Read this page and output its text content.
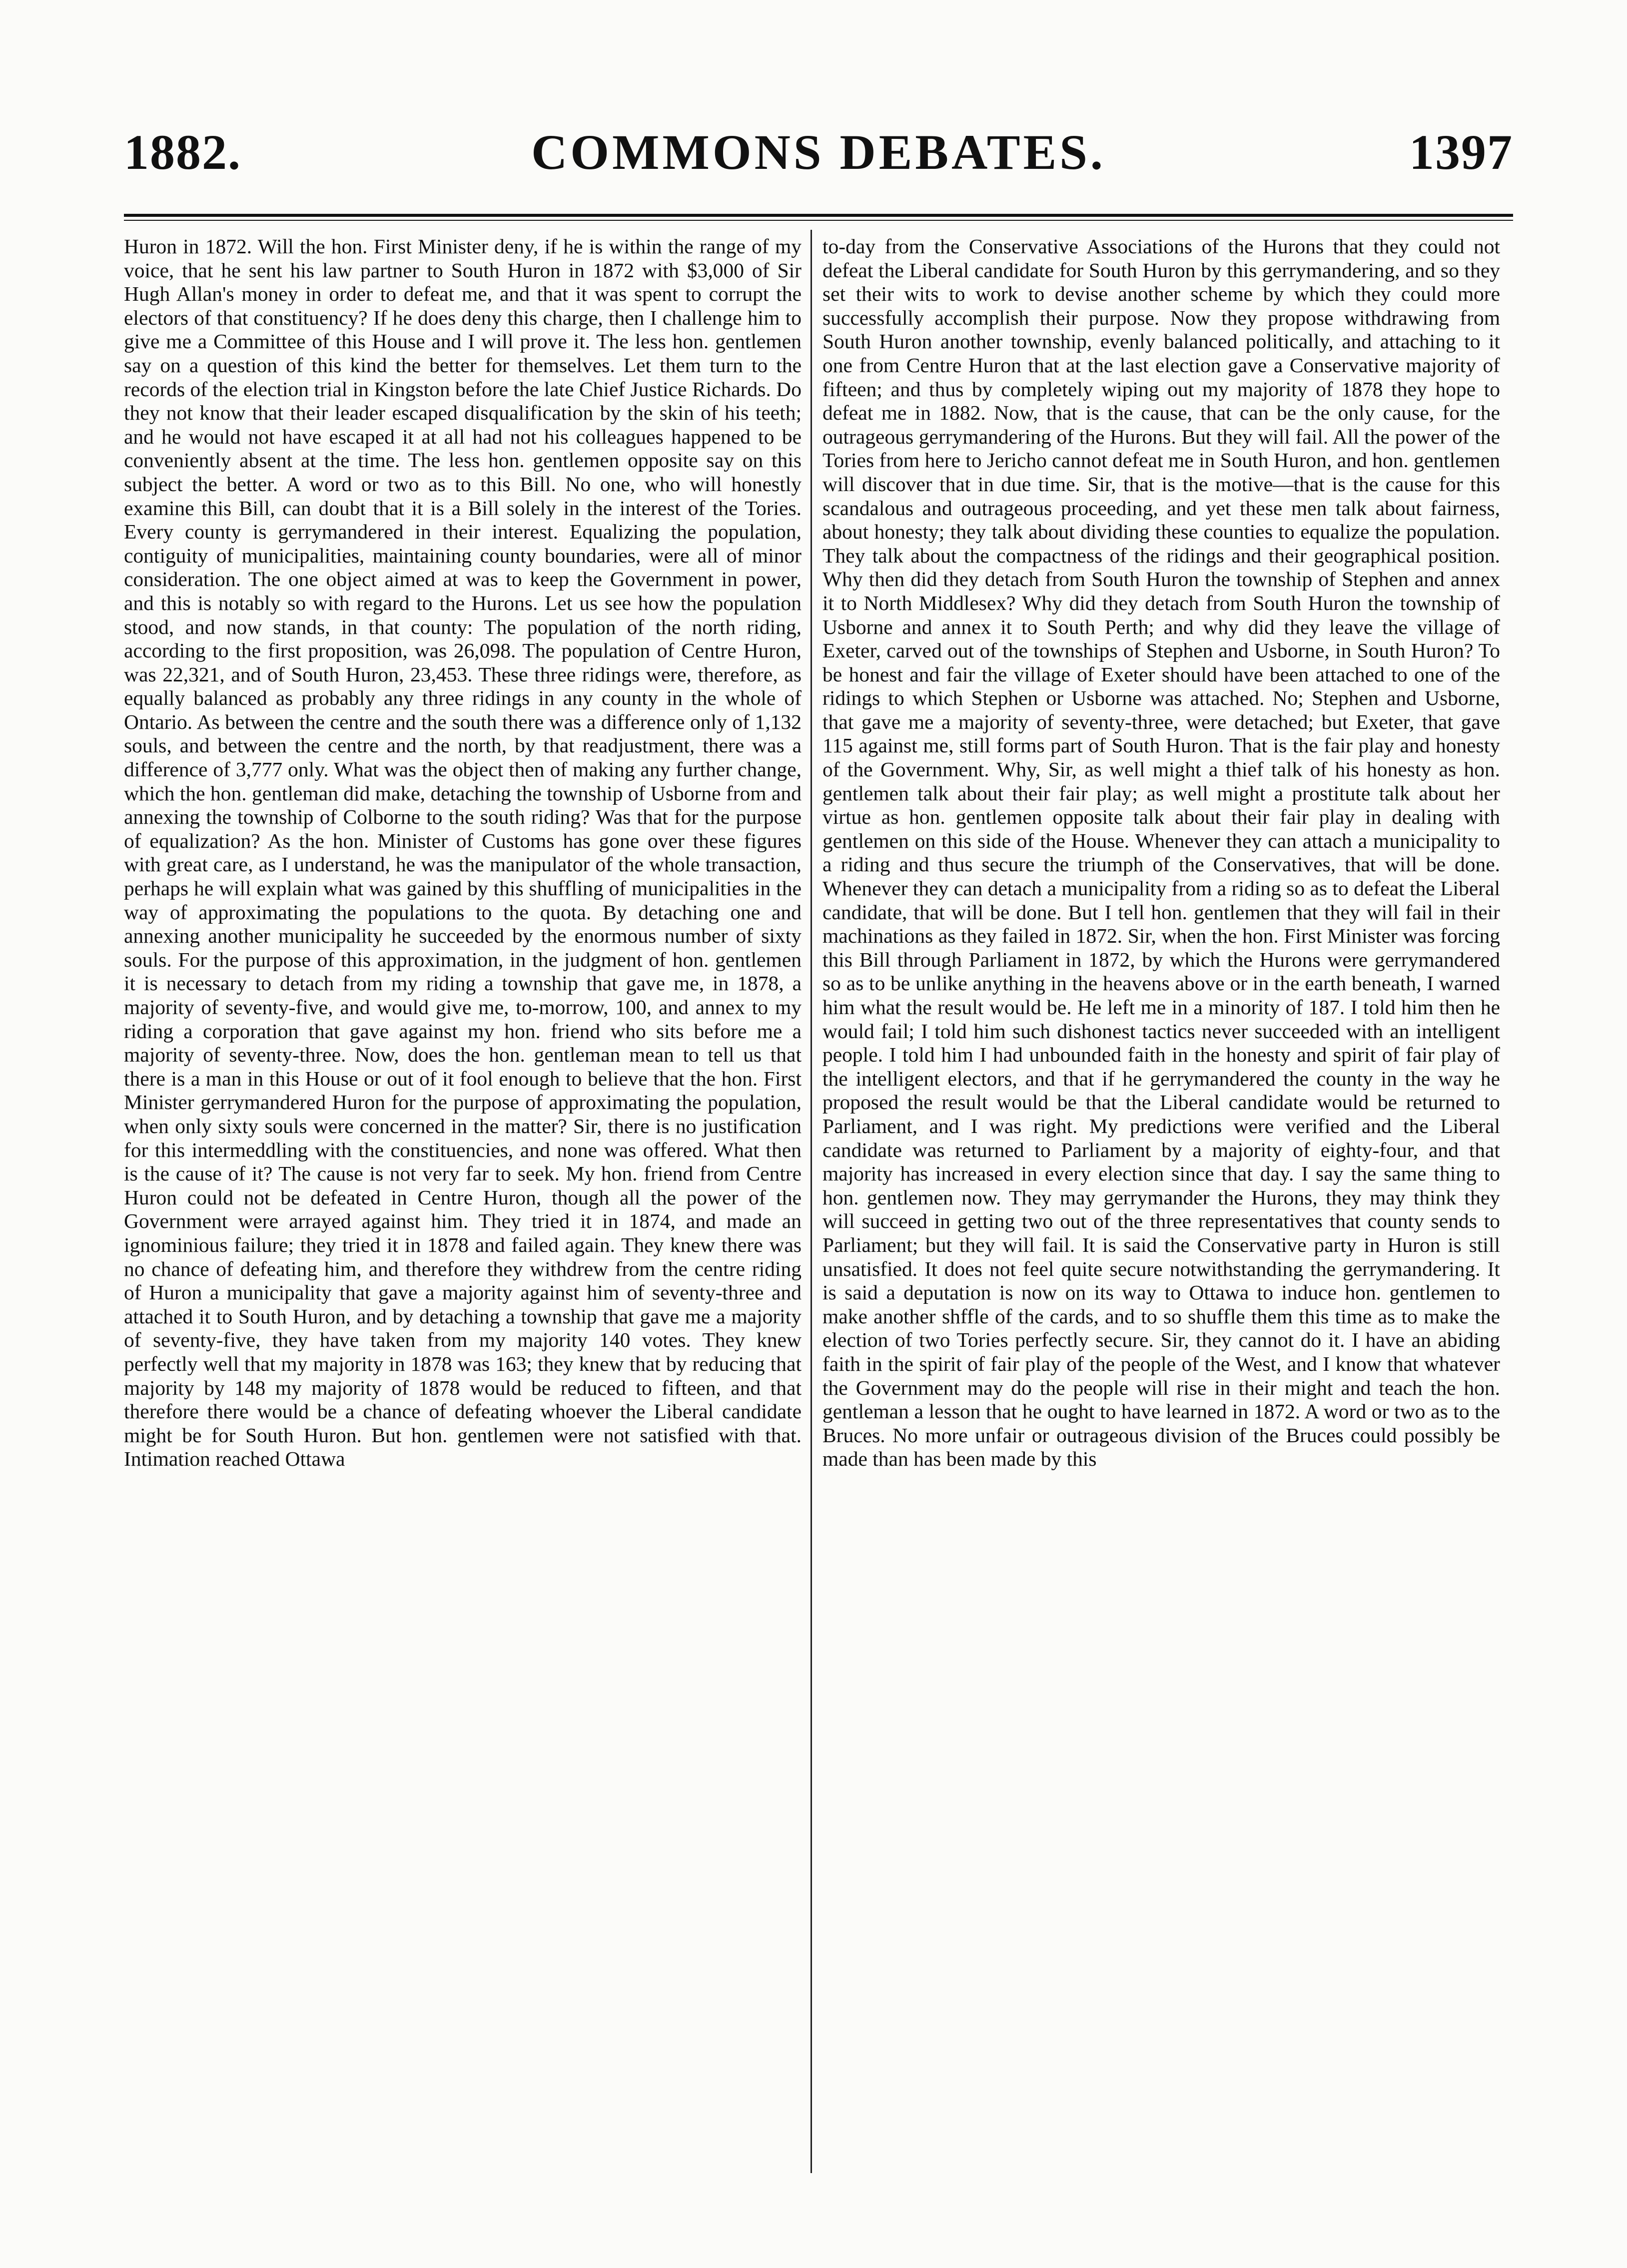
1882.	COMMONS DEBATES.	1397
Huron in 1872. Will the hon. First Minister deny, if he is within the range of my voice, that he sent his law partner to South Huron in 1872 with $3,000 of Sir Hugh Allan's money in order to defeat me, and that it was spent to corrupt the electors of that constituency? If he does deny this charge, then I challenge him to give me a Committee of this House and I will prove it. The less hon. gentlemen say on a question of this kind the better for themselves. Let them turn to the records of the election trial in Kingston before the late Chief Justice Richards. Do they not know that their leader escaped disqualification by the skin of his teeth; and he would not have escaped it at all had not his colleagues happened to be conveniently absent at the time. The less hon. gentlemen opposite say on this subject the better. A word or two as to this Bill. No one, who will honestly examine this Bill, can doubt that it is a Bill solely in the interest of the Tories. Every county is gerrymandered in their interest. Equalizing the population, contiguity of municipalities, maintaining county boundaries, were all of minor consideration. The one object aimed at was to keep the Government in power, and this is notably so with regard to the Hurons. Let us see how the population stood, and now stands, in that county: The population of the north riding, according to the first proposition, was 26,098. The population of Centre Huron, was 22,321, and of South Huron, 23,453. These three ridings were, therefore, as equally balanced as probably any three ridings in any county in the whole of Ontario. As between the centre and the south there was a difference only of 1,132 souls, and between the centre and the north, by that readjustment, there was a difference of 3,777 only. What was the object then of making any further change, which the hon. gentleman did make, detaching the township of Usborne from and annexing the township of Colborne to the south riding? Was that for the purpose of equalization? As the hon. Minister of Customs has gone over these figures with great care, as I understand, he was the manipulator of the whole transaction, perhaps he will explain what was gained by this shuffling of municipalities in the way of approximating the populations to the quota. By detaching one and annexing another municipality he succeeded by the enormous number of sixty souls. For the purpose of this approximation, in the judgment of hon. gentlemen it is necessary to detach from my riding a township that gave me, in 1878, a majority of seventy-five, and would give me, to-morrow, 100, and annex to my riding a corporation that gave against my hon. friend who sits before me a majority of seventy-three. Now, does the hon. gentleman mean to tell us that there is a man in this House or out of it fool enough to believe that the hon. First Minister gerrymandered Huron for the purpose of approximating the population, when only sixty souls were concerned in the matter? Sir, there is no justification for this intermeddling with the constituencies, and none was offered. What then is the cause of it? The cause is not very far to seek. My hon. friend from Centre Huron could not be defeated in Centre Huron, though all the power of the Government were arrayed against him. They tried it in 1874, and made an ignominious failure; they tried it in 1878 and failed again. They knew there was no chance of defeating him, and therefore they withdrew from the centre riding of Huron a municipality that gave a majority against him of seventy-three and attached it to South Huron, and by detaching a township that gave me a majority of seventy-five, they have taken from my majority 140 votes. They knew perfectly well that my majority in 1878 was 163; they knew that by reducing that majority by 148 my majority of 1878 would be reduced to fifteen, and that therefore there would be a chance of defeating whoever the Liberal candidate might be for South Huron. But hon. gentlemen were not satisfied with that. Intimation reached Ottawa
to-day from the Conservative Associations of the Hurons that they could not defeat the Liberal candidate for South Huron by this gerrymandering, and so they set their wits to work to devise another scheme by which they could more successfully accomplish their purpose. Now they propose withdrawing from South Huron another township, evenly balanced politically, and attaching to it one from Centre Huron that at the last election gave a Conservative majority of fifteen; and thus by completely wiping out my majority of 1878 they hope to defeat me in 1882. Now, that is the cause, that can be the only cause, for the outrageous gerrymandering of the Hurons. But they will fail. All the power of the Tories from here to Jericho cannot defeat me in South Huron, and hon. gentlemen will discover that in due time. Sir, that is the motive—that is the cause for this scandalous and outrageous proceeding, and yet these men talk about fairness, about honesty; they talk about dividing these counties to equalize the population. They talk about the compactness of the ridings and their geographical position. Why then did they detach from South Huron the township of Stephen and annex it to North Middlesex? Why did they detach from South Huron the township of Usborne and annex it to South Perth; and why did they leave the village of Exeter, carved out of the townships of Stephen and Usborne, in South Huron? To be honest and fair the village of Exeter should have been attached to one of the ridings to which Stephen or Usborne was attached. No; Stephen and Usborne, that gave me a majority of seventy-three, were detached; but Exeter, that gave 115 against me, still forms part of South Huron. That is the fair play and honesty of the Government. Why, Sir, as well might a thief talk of his honesty as hon. gentlemen talk about their fair play; as well might a prostitute talk about her virtue as hon. gentlemen opposite talk about their fair play in dealing with gentlemen on this side of the House. Whenever they can attach a municipality to a riding and thus secure the triumph of the Conservatives, that will be done. Whenever they can detach a municipality from a riding so as to defeat the Liberal candidate, that will be done. But I tell hon. gentlemen that they will fail in their machinations as they failed in 1872. Sir, when the hon. First Minister was forcing this Bill through Parliament in 1872, by which the Hurons were gerrymandered so as to be unlike anything in the heavens above or in the earth beneath, I warned him what the result would be. He left me in a minority of 187. I told him then he would fail; I told him such dishonest tactics never succeeded with an intelligent people. I told him I had unbounded faith in the honesty and spirit of fair play of the intelligent electors, and that if he gerrymandered the county in the way he proposed the result would be that the Liberal candidate would be returned to Parliament, and I was right. My predictions were verified and the Liberal candidate was returned to Parliament by a majority of eighty-four, and that majority has increased in every election since that day. I say the same thing to hon. gentlemen now. They may gerrymander the Hurons, they may think they will succeed in getting two out of the three representatives that county sends to Parliament; but they will fail. It is said the Conservative party in Huron is still unsatisfied. It does not feel quite secure notwithstanding the gerrymandering. It is said a deputation is now on its way to Ottawa to induce hon. gentlemen to make another shffle of the cards, and to so shuffle them this time as to make the election of two Tories perfectly secure. Sir, they cannot do it. I have an abiding faith in the spirit of fair play of the people of the West, and I know that whatever the Government may do the people will rise in their might and teach the hon. gentleman a lesson that he ought to have learned in 1872. A word or two as to the Bruces. No more unfair or outrageous division of the Bruces could possibly be made than has been made by this
